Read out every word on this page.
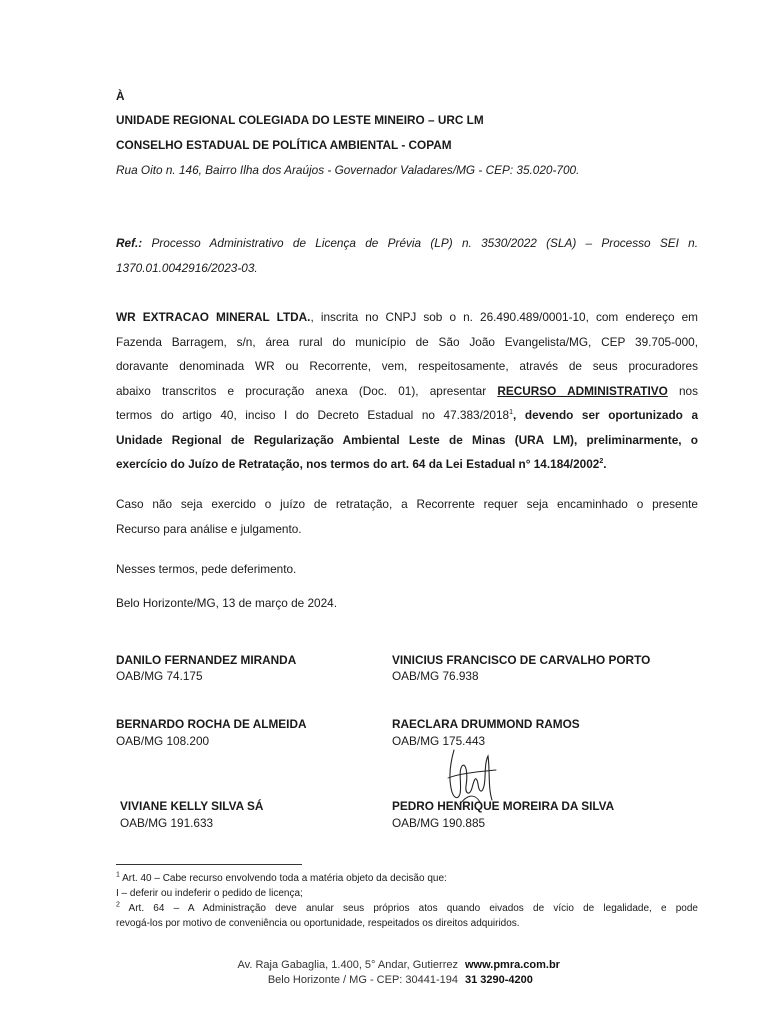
À
UNIDADE REGIONAL COLEGIADA DO LESTE MINEIRO – URC LM
CONSELHO ESTADUAL DE POLÍTICA AMBIENTAL - COPAM
Rua Oito n. 146, Bairro Ilha dos Araújos - Governador Valadares/MG - CEP: 35.020-700.
Ref.: Processo Administrativo de Licença de Prévia (LP) n. 3530/2022 (SLA) – Processo SEI n.
1370.01.0042916/2023-03.
WR EXTRACAO MINERAL LTDA., inscrita no CNPJ sob o n. 26.490.489/0001-10, com endereço em
Fazenda Barragem, s/n, área rural do município de São João Evangelista/MG, CEP 39.705-000,
doravante denominada WR ou Recorrente, vem, respeitosamente, através de seus procuradores
abaixo transcritos e procuração anexa (Doc. 01), apresentar RECURSO ADMINISTRATIVO nos
termos do artigo 40, inciso I do Decreto Estadual no 47.383/2018$^1$, devendo ser oportunizado a
Unidade Regional de Regularização Ambiental Leste de Minas (URA LM), preliminarmente, o
exercício do Juízo de Retratação, nos termos do art. 64 da Lei Estadual n° 14.184/2002$^2$.
Caso não seja exercido o juízo de retratação, a Recorrente requer seja encaminhado o presente
Recurso para análise e julgamento.
Nesses termos, pede deferimento.
Belo Horizonte/MG, 13 de março de 2024.
DANILO FERNANDEZ MIRANDA
OAB/MG 74.175
VINICIUS FRANCISCO DE CARVALHO PORTO
OAB/MG 76.938
BERNARDO ROCHA DE ALMEIDA
OAB/MG 108.200
RAECLARA DRUMMOND RAMOS
OAB/MG 175.443
VIVIANE KELLY SILVA SÁ
OAB/MG 191.633
PEDRO HENRIQUE MOREIRA DA SILVA
OAB/MG 190.885
$^1$ Art. 40 – Cabe recurso envolvendo toda a matéria objeto da decisão que:
I – deferir ou indeferir o pedido de licença;
$^2$ Art. 64 – A Administração deve anular seus próprios atos quando eivados de vício de legalidade, e pode
revogá-los por motivo de conveniência ou oportunidade, respeitados os direitos adquiridos.
Av. Raja Gabaglia, 1.400, 5° Andar, Gutierrez
Belo Horizonte / MG - CEP: 30441-194
www.pmra.com.br
31 3290-4200
